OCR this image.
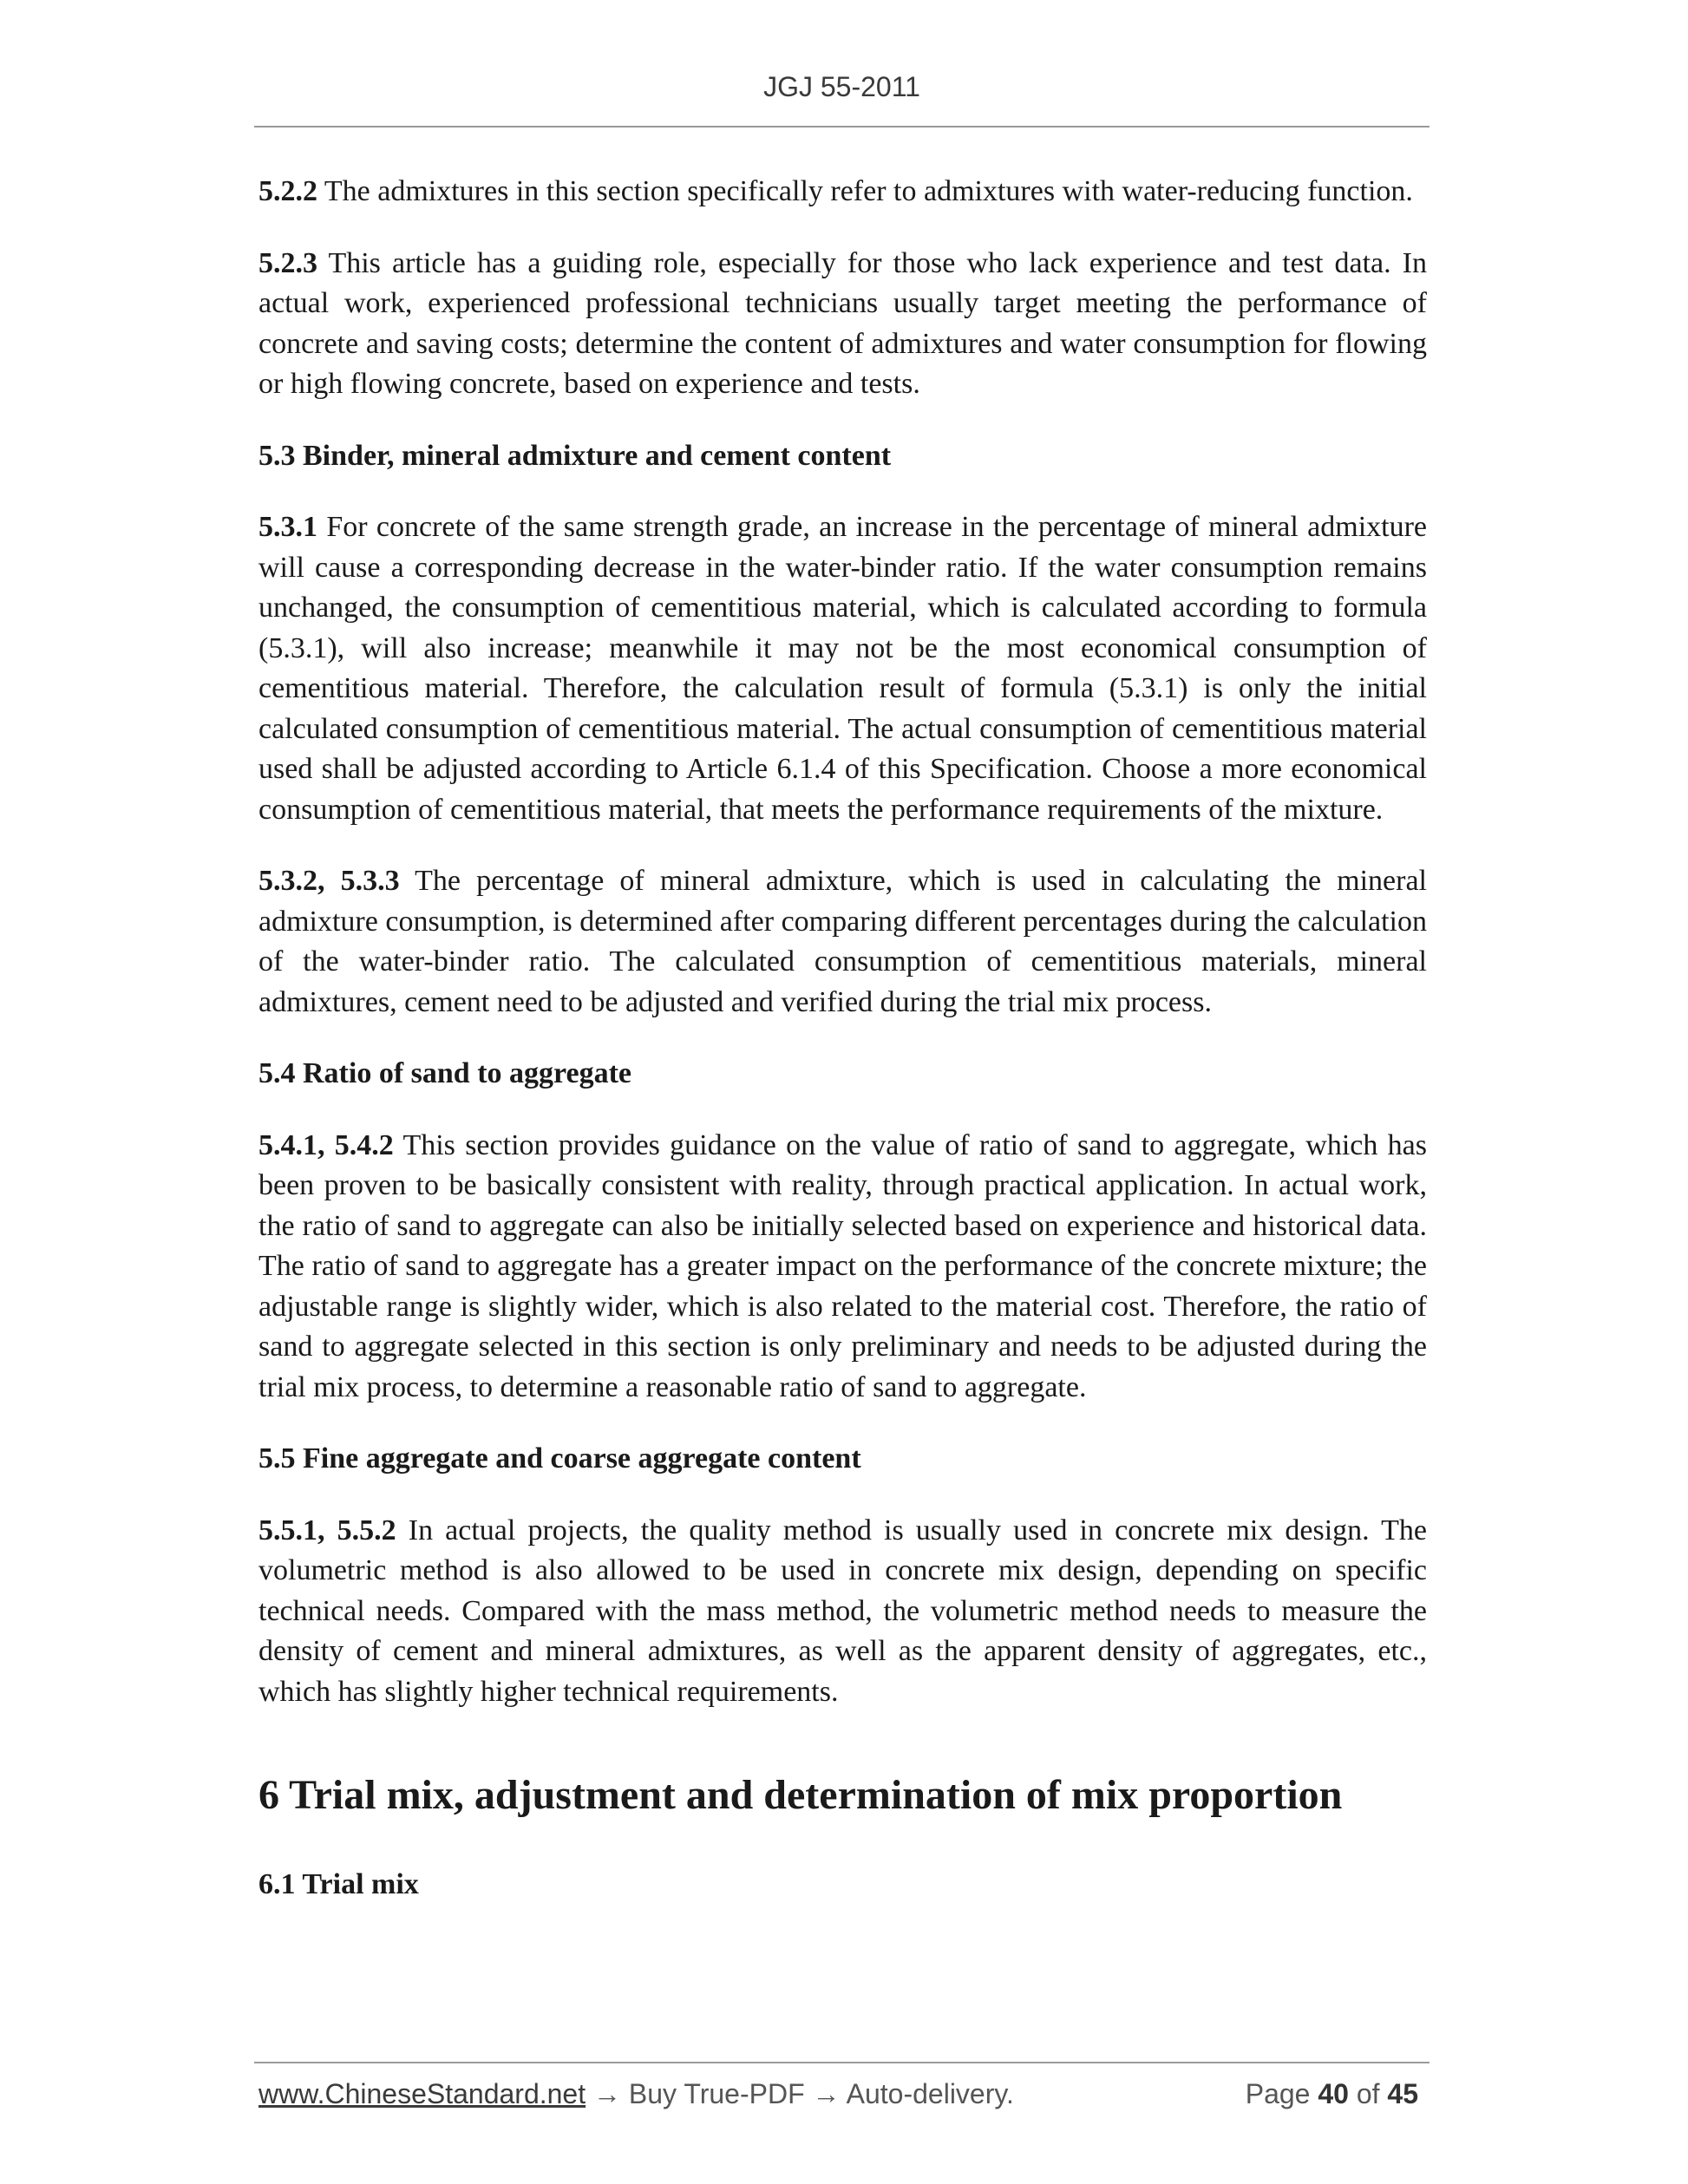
JGJ 55-2011

5.2.2 The admixtures in this section specifically refer to admixtures with water-reducing function.

5.2.3 This article has a guiding role, especially for those who lack experience and test data. In actual work, experienced professional technicians usually target meeting the performance of concrete and saving costs; determine the content of admixtures and water consumption for flowing or high flowing concrete, based on experience and tests.

5.3 Binder, mineral admixture and cement content

5.3.1 For concrete of the same strength grade, an increase in the percentage of mineral admixture will cause a corresponding decrease in the water-binder ratio. If the water consumption remains unchanged, the consumption of cementitious material, which is calculated according to formula (5.3.1), will also increase; meanwhile it may not be the most economical consumption of cementitious material. Therefore, the calculation result of formula (5.3.1) is only the initial calculated consumption of cementitious material. The actual consumption of cementitious material used shall be adjusted according to Article 6.1.4 of this Specification. Choose a more economical consumption of cementitious material, that meets the performance requirements of the mixture.

5.3.2, 5.3.3 The percentage of mineral admixture, which is used in calculating the mineral admixture consumption, is determined after comparing different percentages during the calculation of the water-binder ratio. The calculated consumption of cementitious materials, mineral admixtures, cement need to be adjusted and verified during the trial mix process.

5.4 Ratio of sand to aggregate

5.4.1, 5.4.2 This section provides guidance on the value of ratio of sand to aggregate, which has been proven to be basically consistent with reality, through practical application. In actual work, the ratio of sand to aggregate can also be initially selected based on experience and historical data. The ratio of sand to aggregate has a greater impact on the performance of the concrete mixture; the adjustable range is slightly wider, which is also related to the material cost. Therefore, the ratio of sand to aggregate selected in this section is only preliminary and needs to be adjusted during the trial mix process, to determine a reasonable ratio of sand to aggregate.

5.5 Fine aggregate and coarse aggregate content

5.5.1, 5.5.2 In actual projects, the quality method is usually used in concrete mix design. The volumetric method is also allowed to be used in concrete mix design, depending on specific technical needs. Compared with the mass method, the volumetric method needs to measure the density of cement and mineral admixtures, as well as the apparent density of aggregates, etc., which has slightly higher technical requirements.

6 Trial mix, adjustment and determination of mix proportion
6.1 Trial mix
www.ChineseStandard.net → Buy True-PDF → Auto-delivery.	Page 40 of 45
